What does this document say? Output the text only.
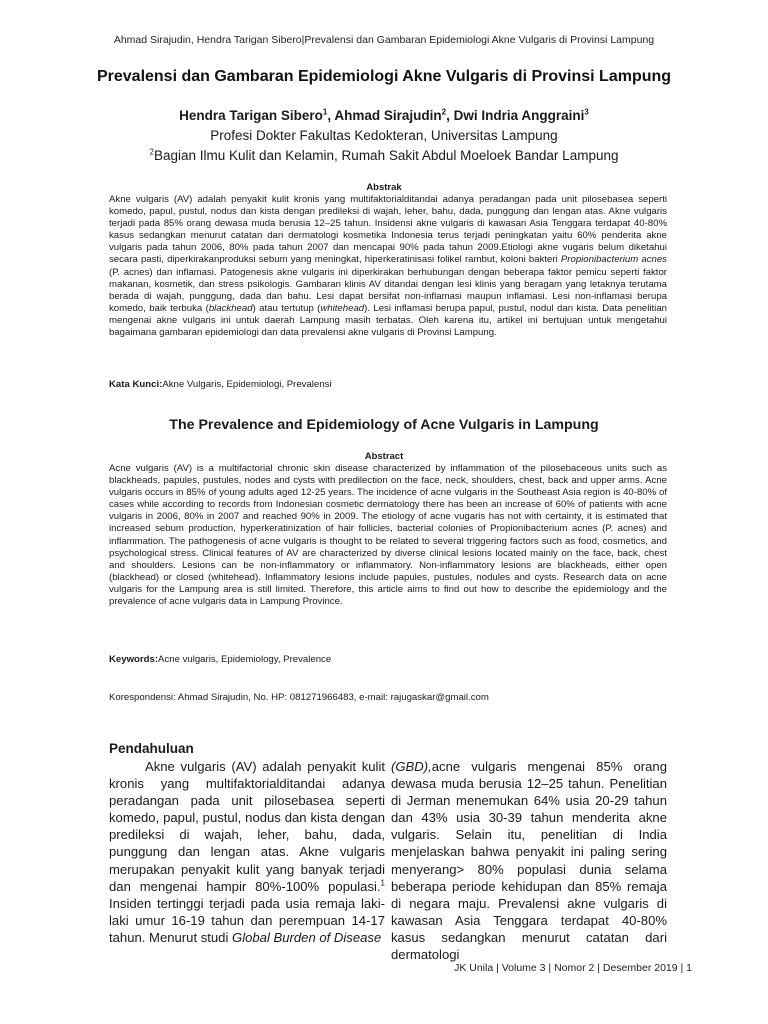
Ahmad Sirajudin, Hendra Tarigan Sibero|Prevalensi dan Gambaran Epidemiologi Akne Vulgaris di Provinsi Lampung
Prevalensi dan Gambaran Epidemiologi Akne Vulgaris di Provinsi Lampung
Hendra Tarigan Sibero$^1$, Ahmad Sirajudin$^2$, Dwi Indria Anggraini$^3$
Profesi Dokter Fakultas Kedokteran, Universitas Lampung
$^2$Bagian Ilmu Kulit dan Kelamin, Rumah Sakit Abdul Moeloek Bandar Lampung
Abstrak
Akne vulgaris (AV) adalah penyakit kulit kronis yang multifaktorialditandai adanya peradangan pada unit pilosebasea seperti komedo, papul, pustul, nodus dan kista dengan predileksi di wajah, leher, bahu, dada, punggung dan lengan atas. Akne vulgaris terjadi pada 85% orang dewasa muda berusia 12–25 tahun. Insidensi akne vulgaris di kawasan Asia Tenggara terdapat 40-80% kasus sedangkan menurut catatan dari dermatologi kosmetika Indonesia terus terjadi peningkatan yaitu 60% penderita akne vulgaris pada tahun 2006, 80% pada tahun 2007 dan mencapai 90% pada tahun 2009.Etiologi akne vugaris belum diketahui secara pasti, diperkirakanproduksi sebum yang meningkat, hiperkeratinisasi folikel rambut, koloni bakteri Propionibacterium acnes (P. acnes) dan inflamasi. Patogenesis akne vulgaris ini diperkirakan berhubungan dengan beberapa faktor pemicu seperti faktor makanan, kosmetik, dan stress psikologis. Gambaran klinis AV ditandai dengan lesi klinis yang beragam yang letaknya terutama berada di wajah, punggung, dada dan bahu. Lesi dapat bersifat non-inflamasi maupun inflamasi. Lesi non-inflamasi berupa komedo, baik terbuka (blackhead) atau tertutup (whitehead). Lesi inflamasi berupa papul, pustul, nodul dan kista. Data penelitian mengenai akne vulgaris ini untuk daerah Lampung masih terbatas. Oleh karena itu, artikel ini bertujuan untuk mengetahui bagaimana gambaran epidemiologi dan data prevalensi akne vulgaris di Provinsi Lampung.
Kata Kunci:Akne Vulgaris, Epidemiologi, Prevalensi
The Prevalence and Epidemiology of Acne Vulgaris in Lampung
Abstract
Acne vulgaris (AV) is a multifactorial chronic skin disease characterized by inflammation of the pilosebaceous units such as blackheads, papules, pustules, nodes and cysts with predilection on the face, neck, shoulders, chest, back and upper arms. Acne vulgaris occurs in 85% of young adults aged 12-25 years. The incidence of acne vulgaris in the Southeast Asia region is 40-80% of cases while according to records from Indonesian cosmetic dermatology there has been an increase of 60% of patients with acne vulgaris in 2006, 80% in 2007 and reached 90% in 2009. The etiology of acne vugaris has not with certainty, it is estimated that increased sebum production, hyperkeratinization of hair follicles, bacterial colonies of Propionibacterium acnes (P. acnes) and inflammation. The pathogenesis of acne vulgaris is thought to be related to several triggering factors such as food, cosmetics, and psychological stress. Clinical features of AV are characterized by diverse clinical lesions located mainly on the face, back, chest and shoulders. Lesions can be non-inflammatory or inflammatory. Non-inflammatory lesions are blackheads, either open (blackhead) or closed (whitehead). Inflammatory lesions include papules, pustules, nodules and cysts. Research data on acne vulgaris for the Lampung area is still limited. Therefore, this article aims to find out how to describe the epidemiology and the prevalence of acne vulgaris data in Lampung Province.
Keywords:Acne vulgaris, Epidemiology, Prevalence
Korespondensi: Ahmad Sirajudin, No. HP: 081271966483, e-mail: rajugaskar@gmail.com
Pendahuluan

Akne vulgaris (AV) adalah penyakit kulit kronis yang multifaktorialditandai adanya peradangan pada unit pilosebasea seperti komedo, papul, pustul, nodus dan kista dengan predileksi di wajah, leher, bahu, dada, punggung dan lengan atas. Akne vulgaris merupakan penyakit kulit yang banyak terjadi dan mengenai hampir 80%-100% populasi.$^1$ Insiden tertinggi terjadi pada usia remaja laki-laki umur 16-19 tahun dan perempuan 14-17 tahun. Menurut studi Global Burden of Disease

(GBD),acne vulgaris mengenai 85% orang dewasa muda berusia 12–25 tahun. Penelitian di Jerman menemukan 64% usia 20-29 tahun dan 43% usia 30-39 tahun menderita akne vulgaris. Selain itu, penelitian di India menjelaskan bahwa penyakit ini paling sering menyerang> 80% populasi dunia selama beberapa periode kehidupan dan 85% remaja di negara maju. Prevalensi akne vulgaris di kawasan Asia Tenggara terdapat 40-80% kasus sedangkan menurut catatan dari dermatologi

JK Unila | Volume 3 | Nomor 2 | Desember 2019 | 1
